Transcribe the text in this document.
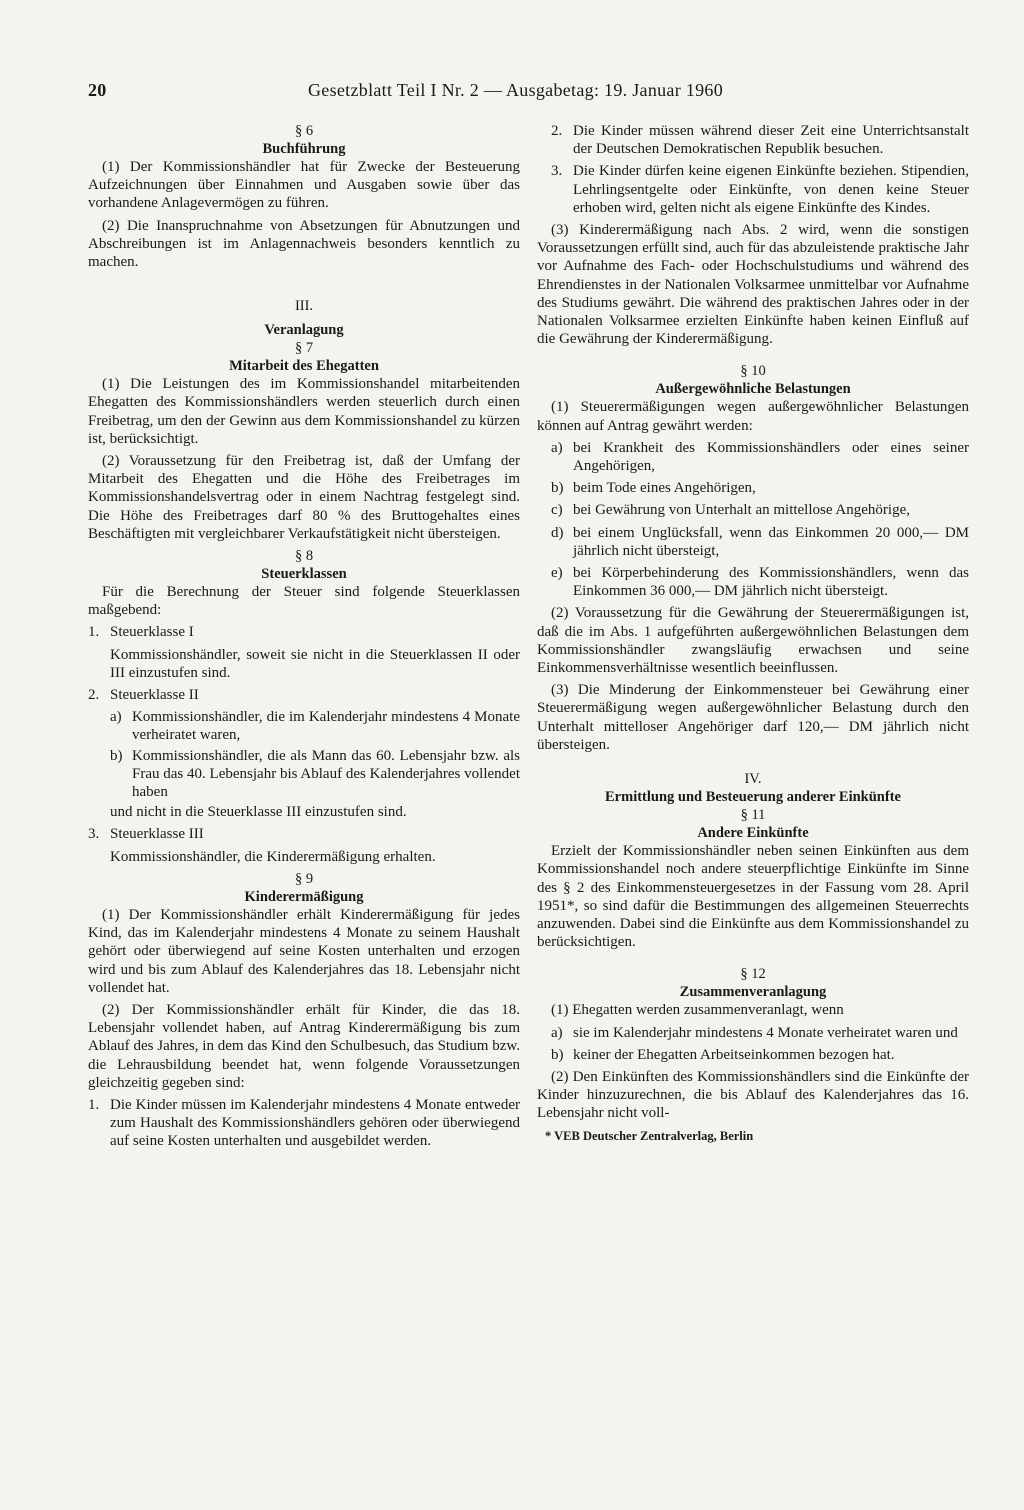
20	Gesetzblatt Teil I Nr. 2 — Ausgabetag: 19. Januar 1960
§ 6
Buchführung

(1) Der Kommissionshändler hat für Zwecke der Besteuerung Aufzeichnungen über Einnahmen und Ausgaben sowie über das vorhandene Anlagevermögen zu führen.

(2) Die Inanspruchnahme von Absetzungen für Abnutzungen und Abschreibungen ist im Anlagennachweis besonders kenntlich zu machen.

III.
Veranlagung
§ 7
Mitarbeit des Ehegatten

(1) Die Leistungen des im Kommissionshandel mitarbeitenden Ehegatten des Kommissionshändlers werden steuerlich durch einen Freibetrag, um den der Gewinn aus dem Kommissionshandel zu kürzen ist, berücksichtigt.

(2) Voraussetzung für den Freibetrag ist, daß der Umfang der Mitarbeit des Ehegatten und die Höhe des Freibetrages im Kommissionshandelsvertrag oder in einem Nachtrag festgelegt sind. Die Höhe des Freibetrages darf 80 % des Bruttogehaltes eines Beschäftigten mit vergleichbarer Verkaufstätigkeit nicht übersteigen.

§ 8
Steuerklassen

Für die Berechnung der Steuer sind folgende Steuerklassen maßgebend:

1. Steuerklasse I
Kommissionshändler, soweit sie nicht in die Steuerklassen II oder III einzustufen sind.
2. Steuerklasse II
a) Kommissionshändler, die im Kalenderjahr mindestens 4 Monate verheiratet waren,
b) Kommissionshändler, die als Mann das 60. Lebensjahr bzw. als Frau das 40. Lebensjahr bis Ablauf des Kalenderjahres vollendet haben
und nicht in die Steuerklasse III einzustufen sind.
3. Steuerklasse III
Kommissionshändler, die Kinderermäßigung erhalten.
§ 9
Kinderermäßigung

(1) Der Kommissionshändler erhält Kinderermäßigung für jedes Kind, das im Kalenderjahr mindestens 4 Monate zu seinem Haushalt gehört oder überwiegend auf seine Kosten unterhalten und erzogen wird und bis zum Ablauf des Kalenderjahres das 18. Lebensjahr nicht vollendet hat.

(2) Der Kommissionshändler erhält für Kinder, die das 18. Lebensjahr vollendet haben, auf Antrag Kinderermäßigung bis zum Ablauf des Jahres, in dem das Kind den Schulbesuch, das Studium bzw. die Lehrausbildung beendet hat, wenn folgende Voraussetzungen gleichzeitig gegeben sind:

1. Die Kinder müssen im Kalenderjahr mindestens 4 Monate entweder zum Haushalt des Kommissionshändlers gehören oder überwiegend auf seine Kosten unterhalten und ausgebildet werden.
2. Die Kinder müssen während dieser Zeit eine Unterrichtsanstalt der Deutschen Demokratischen Republik besuchen.
3. Die Kinder dürfen keine eigenen Einkünfte beziehen. Stipendien, Lehrlingsentgelte oder Einkünfte, von denen keine Steuer erhoben wird, gelten nicht als eigene Einkünfte des Kindes.

(3) Kinderermäßigung nach Abs. 2 wird, wenn die sonstigen Voraussetzungen erfüllt sind, auch für das abzuleistende praktische Jahr vor Aufnahme des Fach- oder Hochschulstudiums und während des Ehrendienstes in der Nationalen Volksarmee unmittelbar vor Aufnahme des Studiums gewährt. Die während des praktischen Jahres oder in der Nationalen Volksarmee erzielten Einkünfte haben keinen Einfluß auf die Gewährung der Kinderermäßigung.

§ 10
Außergewöhnliche Belastungen

(1) Steuerermäßigungen wegen außergewöhnlicher Belastungen können auf Antrag gewährt werden:

a) bei Krankheit des Kommissionshändlers oder eines seiner Angehörigen,
b) beim Tode eines Angehörigen,
c) bei Gewährung von Unterhalt an mittellose Angehörige,
d) bei einem Unglücksfall, wenn das Einkommen 20 000,— DM jährlich nicht übersteigt,
e) bei Körperbehinderung des Kommissionshändlers, wenn das Einkommen 36 000,— DM jährlich nicht übersteigt.

(2) Voraussetzung für die Gewährung der Steuerermäßigungen ist, daß die im Abs. 1 aufgeführten außergewöhnlichen Belastungen dem Kommissionshändler zwangsläufig erwachsen und seine Einkommensverhältnisse wesentlich beeinflussen.

(3) Die Minderung der Einkommensteuer bei Gewährung einer Steuerermäßigung wegen außergewöhnlicher Belastung durch den Unterhalt mittelloser Angehöriger darf 120,— DM jährlich nicht übersteigen.

IV.
Ermittlung und Besteuerung anderer Einkünfte
§ 11
Andere Einkünfte

Erzielt der Kommissionshändler neben seinen Einkünften aus dem Kommissionshandel noch andere steuerpflichtige Einkünfte im Sinne des § 2 des Einkommensteuergesetzes in der Fassung vom 28. April 1951*, so sind dafür die Bestimmungen des allgemeinen Steuerrechts anzuwenden. Dabei sind die Einkünfte aus dem Kommissionshandel zu berücksichtigen.

§ 12
Zusammenveranlagung

(1) Ehegatten werden zusammenveranlagt, wenn

a) sie im Kalenderjahr mindestens 4 Monate verheiratet waren und
b) keiner der Ehegatten Arbeitseinkommen bezogen hat.

(2) Den Einkünften des Kommissionshändlers sind die Einkünfte der Kinder hinzuzurechnen, die bis Ablauf des Kalenderjahres das 16. Lebensjahr nicht voll-

* VEB Deutscher Zentralverlag, Berlin
